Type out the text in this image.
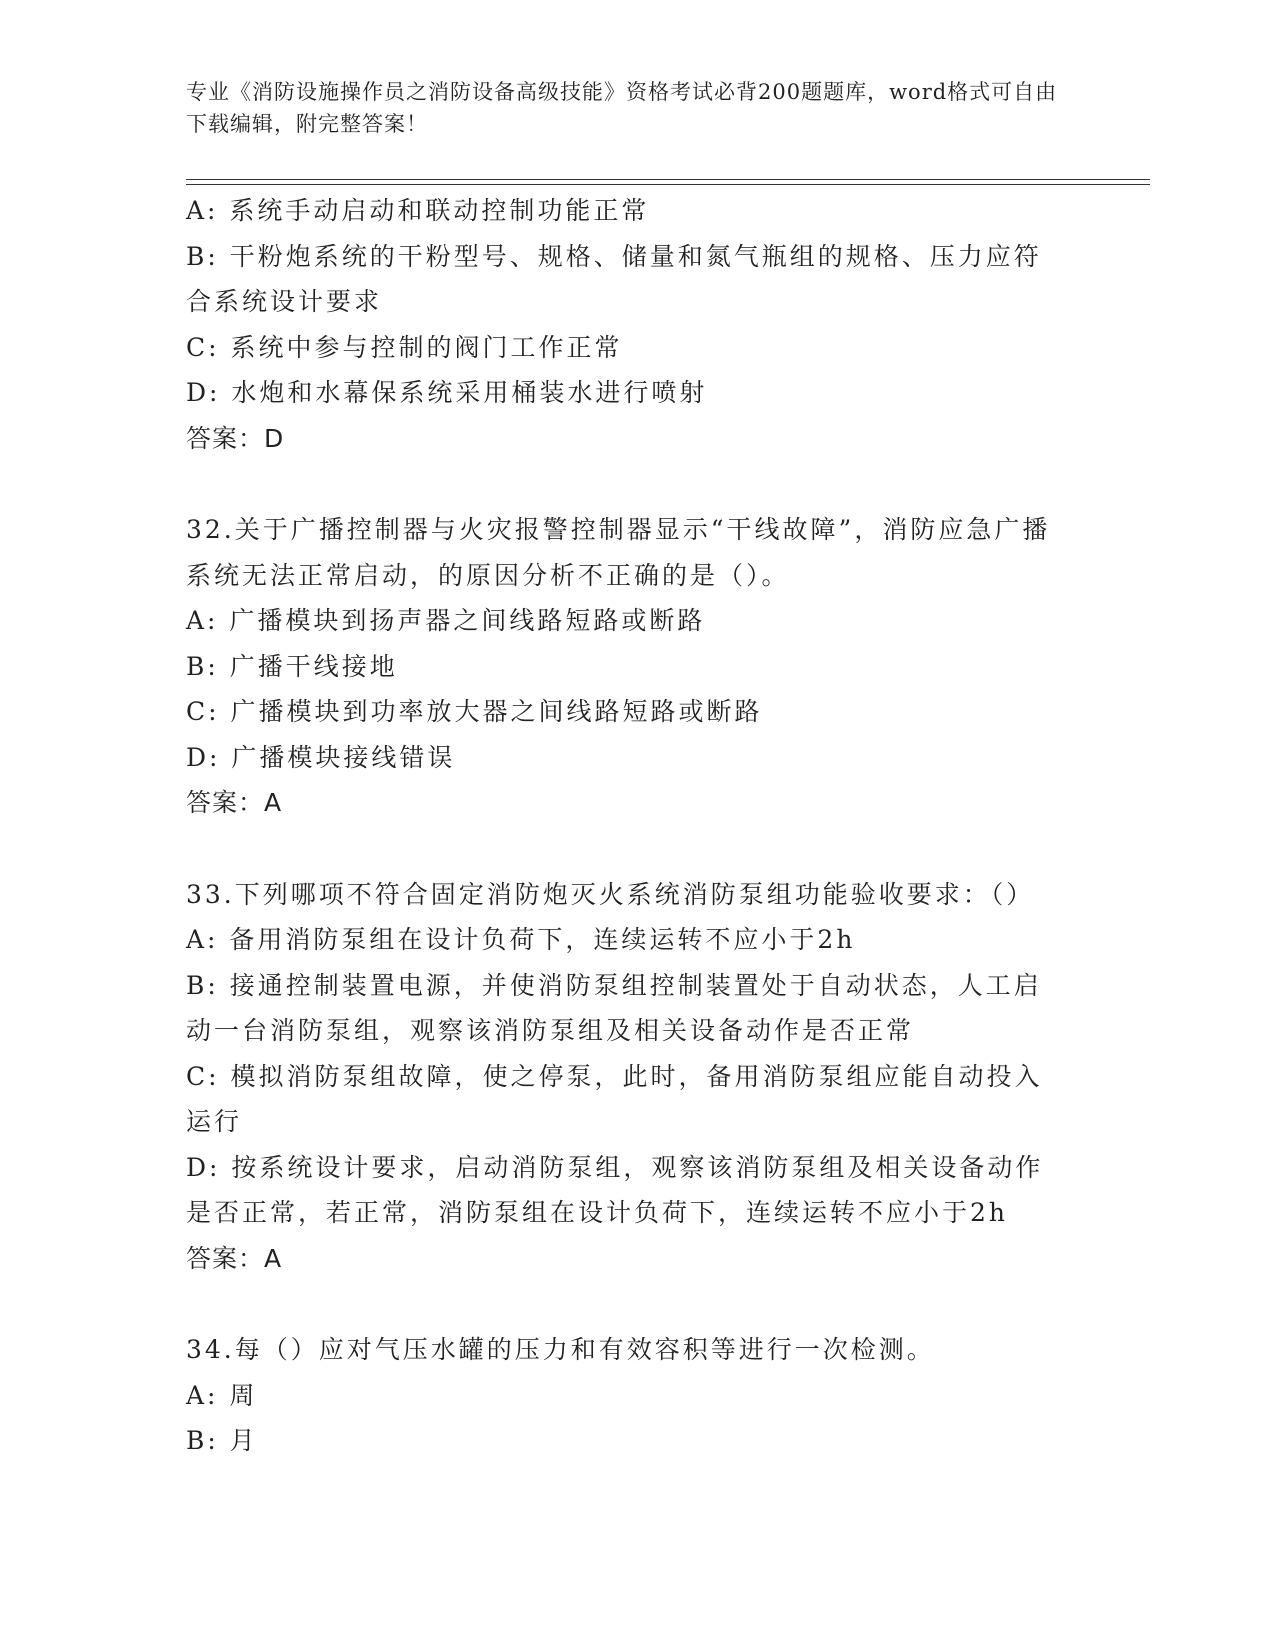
专业《消防设施操作员之消防设备高级技能》资格考试必背200题题库，word格式可自由下载编辑，附完整答案！

A: 系统手动启动和联动控制功能正常

B: 干粉炮系统的干粉型号、规格、储量和氮气瓶组的规格、压力应符合系统设计要求

C: 系统中参与控制的阀门工作正常

D: 水炮和水幕保系统采用桶装水进行喷射

答案：D

32.关于广播控制器与火灾报警控制器显示“干线故障”，消防应急广播系统无法正常启动，的原因分析不正确的是（）。

A: 广播模块到扬声器之间线路短路或断路

B: 广播干线接地

C: 广播模块到功率放大器之间线路短路或断路

D: 广播模块接线错误

答案：A

33.下列哪项不符合固定消防炮灭火系统消防泵组功能验收要求：（）

A: 备用消防泵组在设计负荷下，连续运转不应小于2h

B: 接通控制装置电源，并使消防泵组控制装置处于自动状态，人工启动一台消防泵组，观察该消防泵组及相关设备动作是否正常

C: 模拟消防泵组故障，使之停泵，此时，备用消防泵组应能自动投入运行

D: 按系统设计要求，启动消防泵组，观察该消防泵组及相关设备动作是否正常，若正常，消防泵组在设计负荷下，连续运转不应小于2h

答案：A

34.每（）应对气压水罐的压力和有效容积等进行一次检测。

A: 周

B: 月
